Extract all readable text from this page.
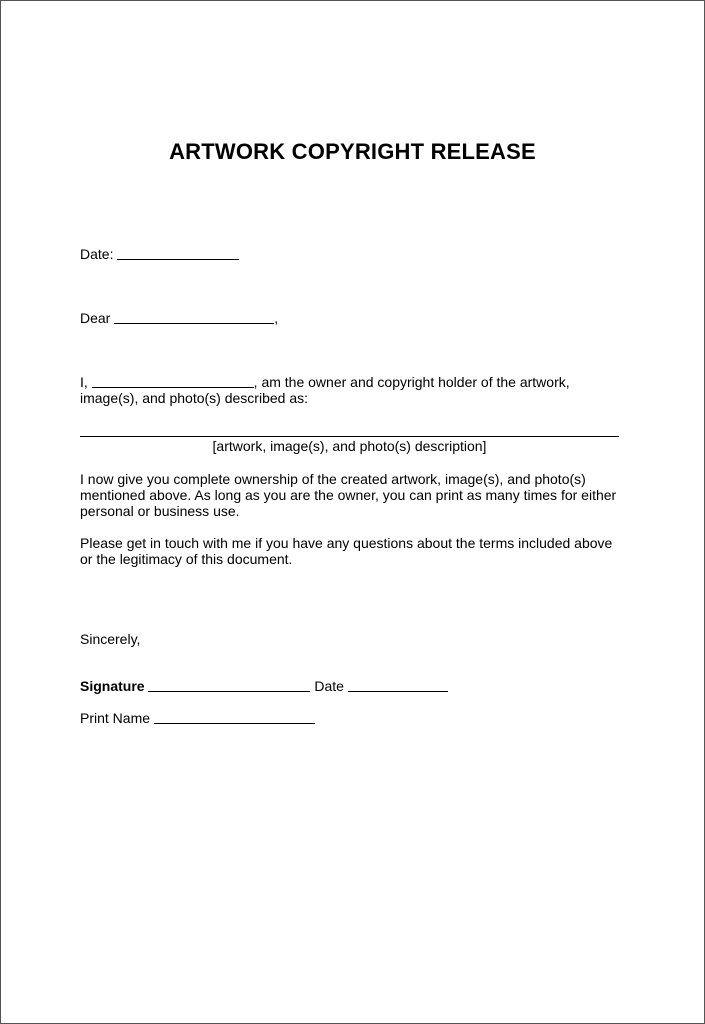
ARTWORK COPYRIGHT RELEASE
Date:
Dear	,
I,	, am the owner and copyright holder of the artwork,
image(s), and photo(s) described as:
[artwork, image(s), and photo(s) description]
I now give you complete ownership of the created artwork, image(s), and photo(s) mentioned above. As long as you are the owner, you can print as many times for either personal or business use.
Please get in touch with me if you have any questions about the terms included above or the legitimacy of this document.
Sincerely,
Signature	Date
Print Name
